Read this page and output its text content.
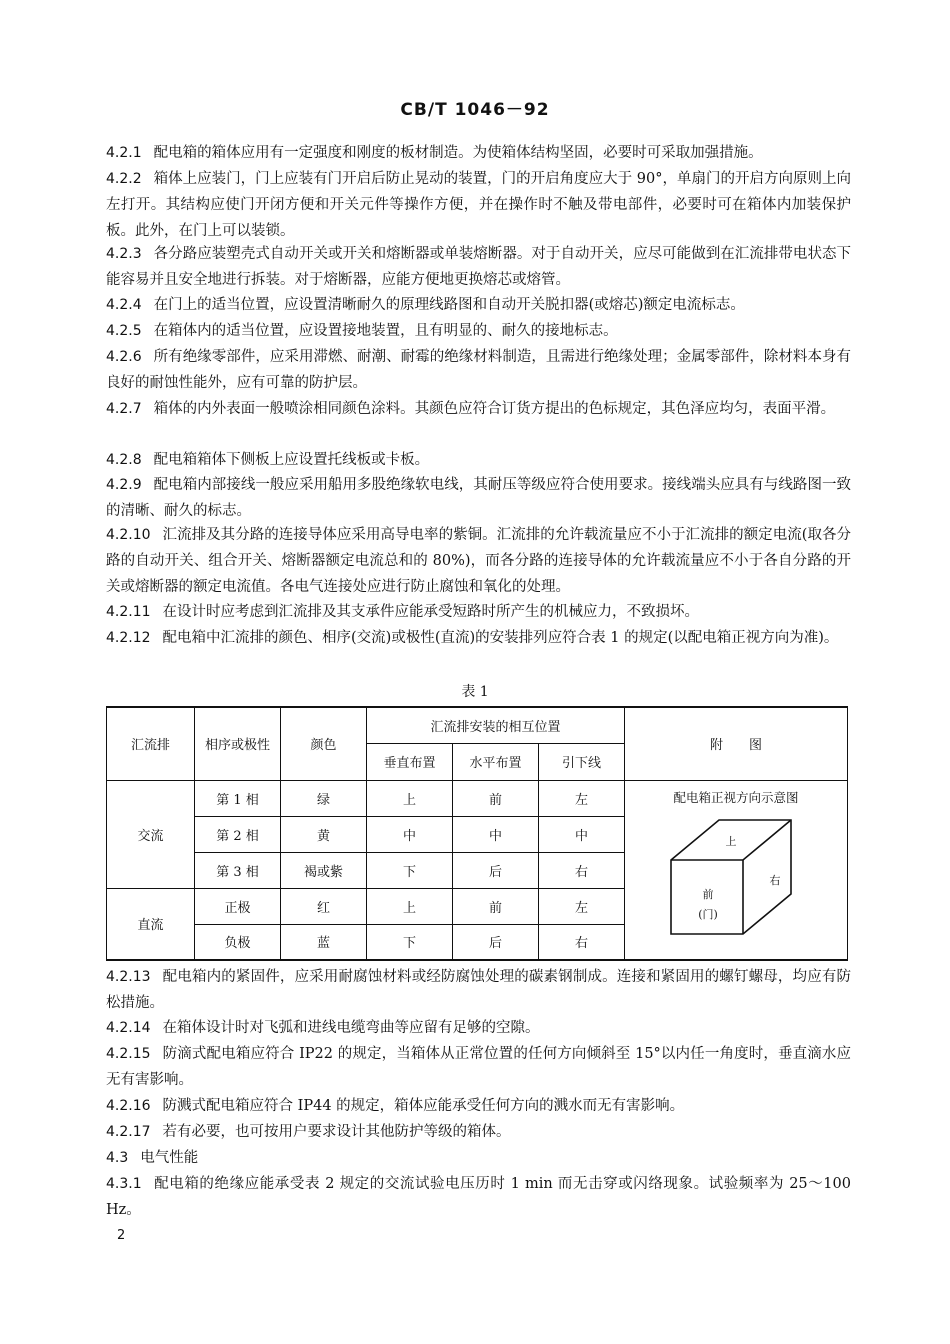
CB/T 1046－92
4.2.1 配电箱的箱体应用有一定强度和刚度的板材制造。为使箱体结构坚固，必要时可采取加强措施。
4.2.2 箱体上应装门，门上应装有门开启后防止晃动的装置，门的开启角度应大于 90°，单扇门的开启方向原则上向左打开。其结构应使门开闭方便和开关元件等操作方便，并在操作时不触及带电部件，必要时可在箱体内加装保护板。此外，在门上可以装锁。
4.2.3 各分路应装塑壳式自动开关或开关和熔断器或单装熔断器。对于自动开关，应尽可能做到在汇流排带电状态下能容易并且安全地进行拆装。对于熔断器，应能方便地更换熔芯或熔管。
4.2.4 在门上的适当位置，应设置清晰耐久的原理线路图和自动开关脱扣器(或熔芯)额定电流标志。
4.2.5 在箱体内的适当位置，应设置接地装置，且有明显的、耐久的接地标志。
4.2.6 所有绝缘零部件，应采用滞燃、耐潮、耐霉的绝缘材料制造，且需进行绝缘处理；金属零部件，除材料本身有良好的耐蚀性能外，应有可靠的防护层。
4.2.7 箱体的内外表面一般喷涂相同颜色涂料。其颜色应符合订货方提出的色标规定，其色泽应均匀，表面平滑。
4.2.8 配电箱箱体下侧板上应设置托线板或卡板。
4.2.9 配电箱内部接线一般应采用船用多股绝缘软电线，其耐压等级应符合使用要求。接线端头应具有与线路图一致的清晰、耐久的标志。
4.2.10 汇流排及其分路的连接导体应采用高导电率的紫铜。汇流排的允许载流量应不小于汇流排的额定电流(取各分路的自动开关、组合开关、熔断器额定电流总和的 80%)，而各分路的连接导体的允许载流量应不小于各自分路的开关或熔断器的额定电流值。各电气连接处应进行防止腐蚀和氧化的处理。
4.2.11 在设计时应考虑到汇流排及其支承件应能承受短路时所产生的机械应力，不致损坏。
4.2.12 配电箱中汇流排的颜色、相序(交流)或极性(直流)的安装排列应符合表 1 的规定(以配电箱正视方向为准)。
表 1
汇流排	相序或极性	颜色	汇流排安装的相互位置			附　　图
			垂直布置	水平布置	引下线	
交流	第 1 相	绿	上	前	左	配电箱正视方向示意图
上
右
前
(门)

	第 2 相	黄	中	中	中	
	第 3 相	褐或紫	下	后	右	
直流	正极	红	上	前	左	
	负极	蓝	下	后	右	
4.2.13 配电箱内的紧固件，应采用耐腐蚀材料或经防腐蚀处理的碳素钢制成。连接和紧固用的螺钉螺母，均应有防松措施。
4.2.14 在箱体设计时对飞弧和进线电缆弯曲等应留有足够的空隙。
4.2.15 防滴式配电箱应符合 IP22 的规定，当箱体从正常位置的任何方向倾斜至 15°以内任一角度时，垂直滴水应无有害影响。
4.2.16 防溅式配电箱应符合 IP44 的规定，箱体应能承受任何方向的溅水而无有害影响。
4.2.17 若有必要，也可按用户要求设计其他防护等级的箱体。
4.3 电气性能
4.3.1 配电箱的绝缘应能承受表 2 规定的交流试验电压历时 1 min 而无击穿或闪络现象。试验频率为 25～100 Hz。
2
